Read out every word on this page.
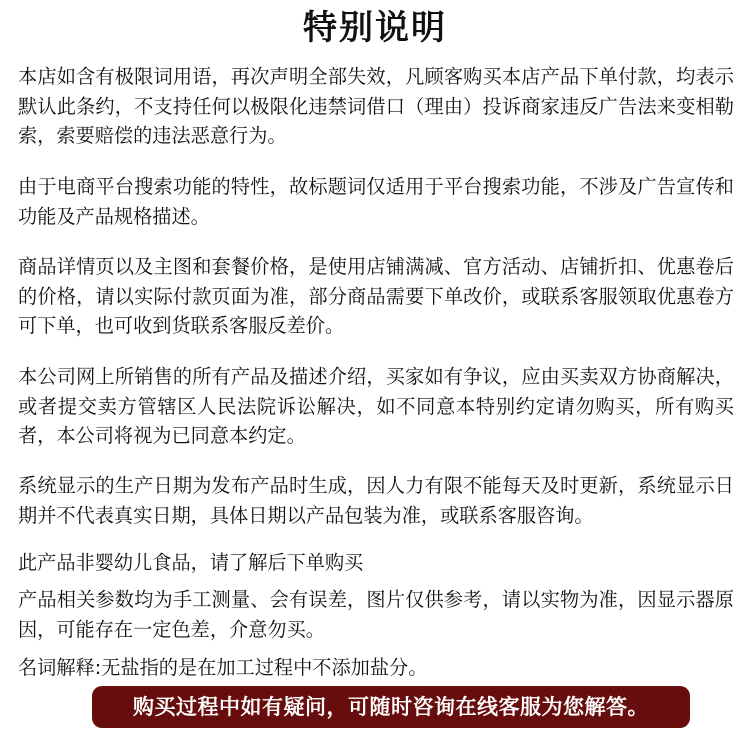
特别说明
本店如含有极限词用语，再次声明全部失效，凡顾客购买本店产品下单付款，均表示默认此条约，不支持任何以极限化违禁词借口（理由）投诉商家违反广告法来变相勒索，索要赔偿的违法恶意行为。
由于电商平台搜索功能的特性，故标题词仅适用于平台搜索功能，不涉及广告宣传和功能及产品规格描述。
商品详情页以及主图和套餐价格，是使用店铺满减、官方活动、店铺折扣、优惠卷后的价格，请以实际付款页面为准，部分商品需要下单改价，或联系客服领取优惠卷方可下单，也可收到货联系客服反差价。
本公司网上所销售的所有产品及描述介绍，买家如有争议，应由买卖双方协商解决，或者提交卖方管辖区人民法院诉讼解决，如不同意本特别约定请勿购买，所有购买者，本公司将视为已同意本约定。
系统显示的生产日期为发布产品时生成，因人力有限不能每天及时更新，系统显示日期并不代表真实日期，具体日期以产品包装为准，或联系客服咨询。
此产品非婴幼儿食品，请了解后下单购买
产品相关参数均为手工测量、会有误差，图片仅供参考，请以实物为准，因显示器原因，可能存在一定色差，介意勿买。
名词解释:无盐指的是在加工过程中不添加盐分。
购买过程中如有疑问，可随时咨询在线客服为您解答。
